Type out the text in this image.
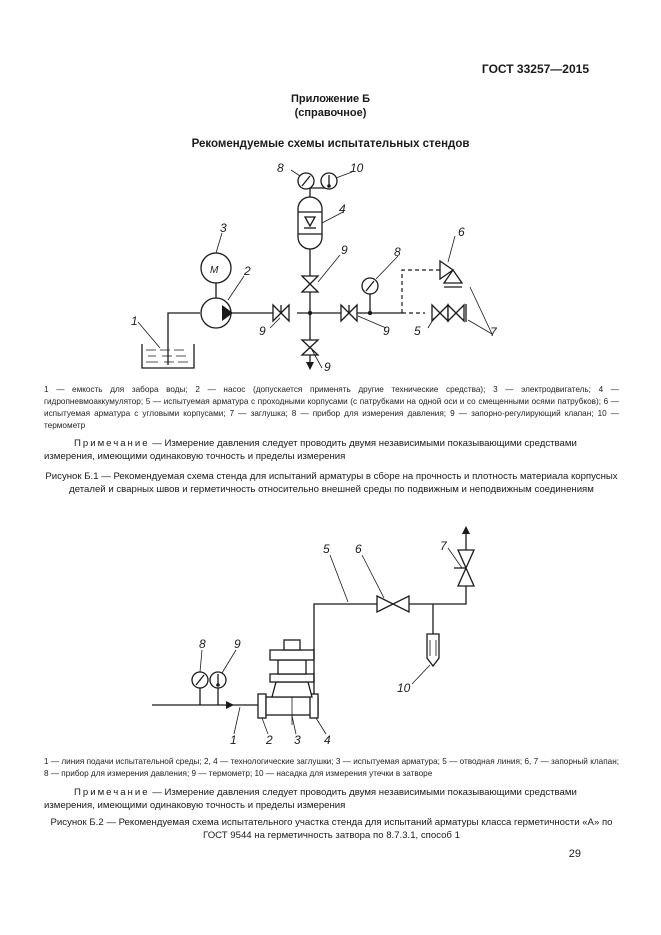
ГОСТ 33257—2015
Приложение Б
(справочное)
Рекомендуемые схемы испытательных стендов
1
2
3
4
5
6
7
8	10
8
9
9	9
9
M
1 2 3 4
5 6	7
8 9
10
1 — емкость для забора воды; 2 — насос (допускается применять другие технические средства); 3 — электродвигатель; 4 — гидропневмоаккумулятор; 5 — испытуемая арматура с проходными корпусами (с патрубками на одной оси и со смещенными осями патрубков); 6 — испытуемая арматура с угловыми корпусами; 7 — заглушка; 8 — прибор для измерения давления; 9 — запорно-регулирующий клапан; 10 — термометр
Примечание — Измерение давления следует проводить двумя независимыми показывающими средствами измерения, имеющими одинаковую точность и пределы измерения
Рисунок Б.1 — Рекомендуемая схема стенда для испытаний арматуры в сборе на прочность и плотность материала корпусных деталей и сварных швов и герметичность относительно внешней среды по подвижным и неподвижным соединениям
1 — линия подачи испытательной среды; 2, 4 — технологические заглушки; 3 — испытуемая арматура; 5 — отводная линия; 6, 7 — запорный клапан; 8 — прибор для измерения давления; 9 — термометр; 10 — насадка для измерения утечки в затворе
Примечание — Измерение давления следует проводить двумя независимыми показывающими средствами измерения, имеющими одинаковую точность и пределы измерения
Рисунок Б.2 — Рекомендуемая схема испытательного участка стенда для испытаний арматуры класса герметичности «А» по ГОСТ 9544 на герметичность затвора по 8.7.3.1, способ 1
29
